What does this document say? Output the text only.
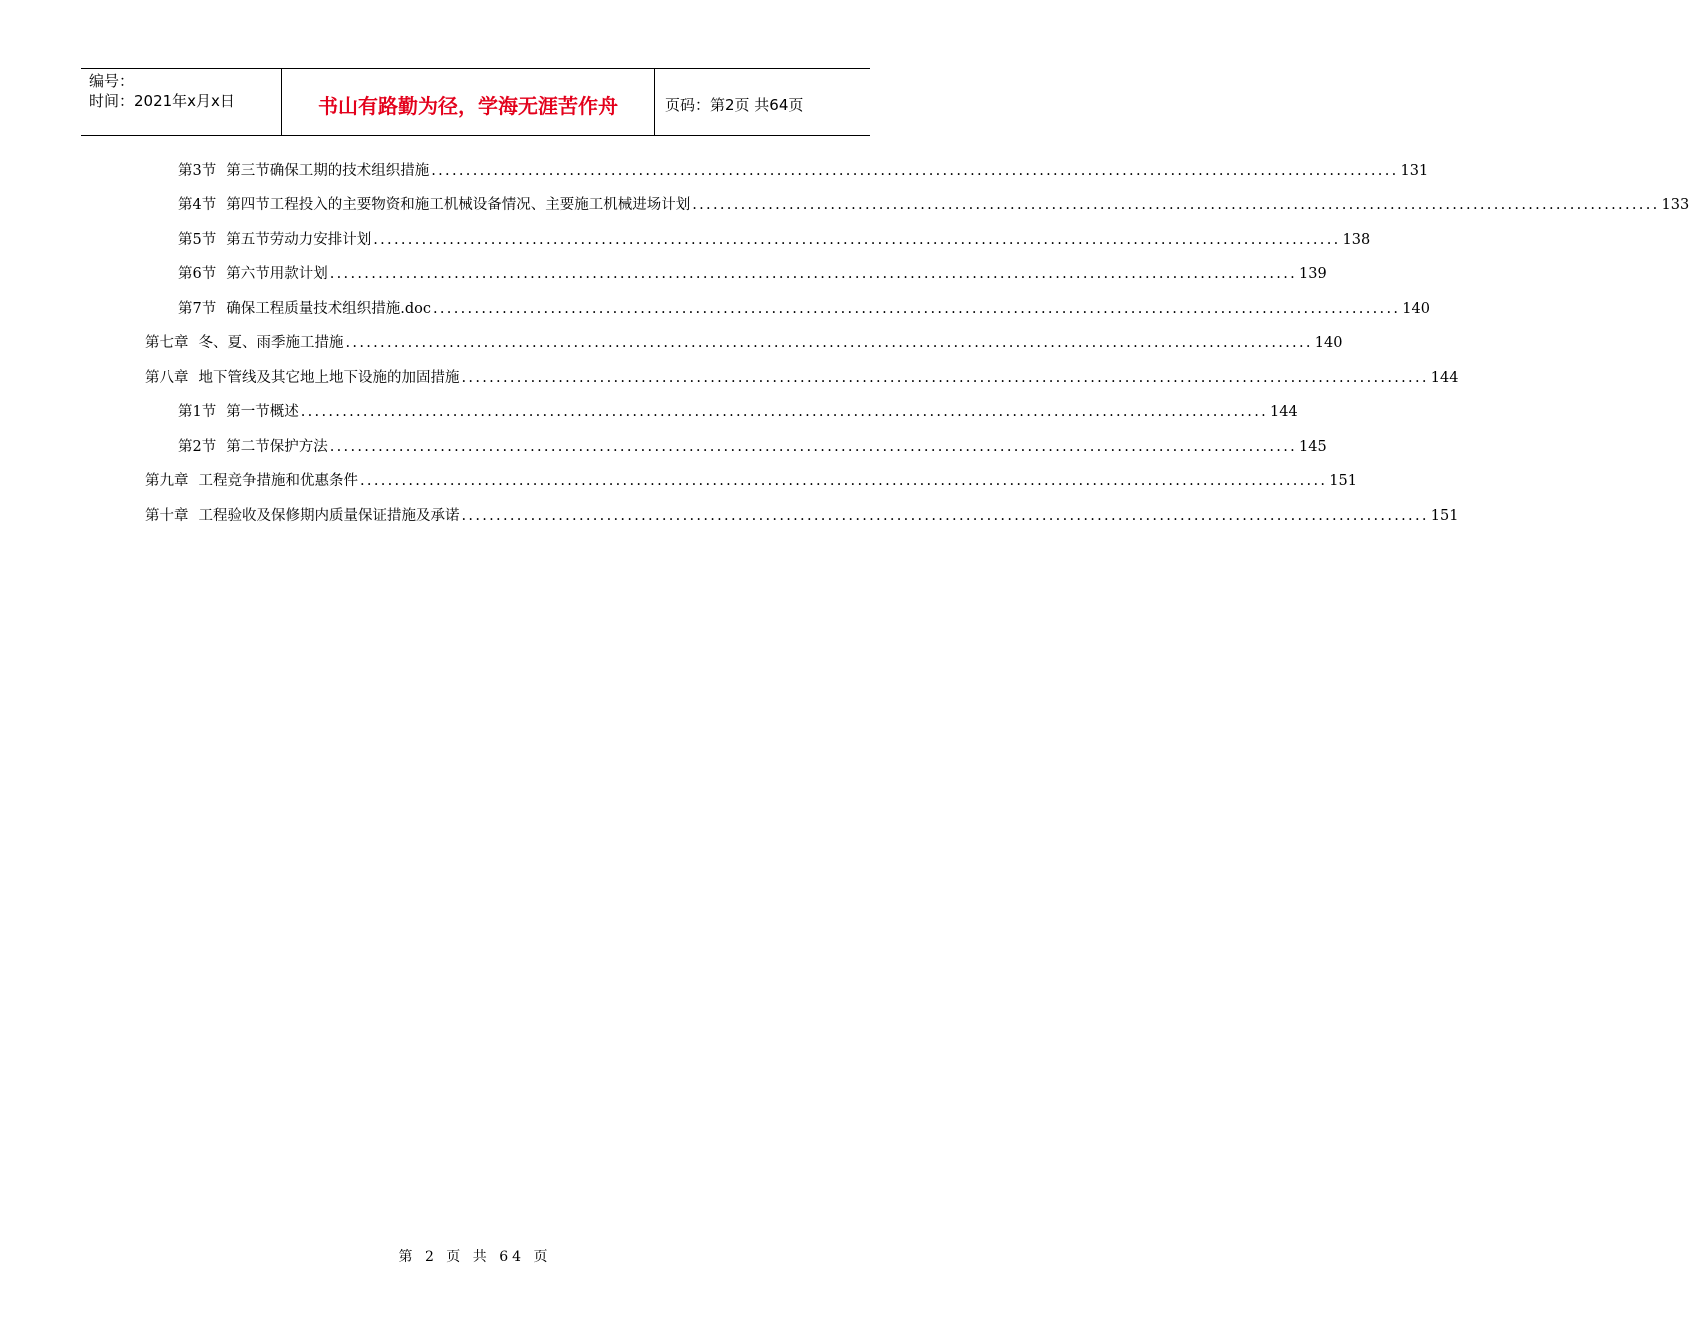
编号：
时间：2021年x月x日	书山有路勤为径，学海无涯苦作舟	页码：第2页 共64页
第3节 第三节确保工期的技术组织措施 ............................................................................................................................................ 131
第4节 第四节工程投入的主要物资和施工机械设备情况、主要施工机械进场计划 ............................................................................................................................................ 133
第5节 第五节劳动力安排计划 ............................................................................................................................................ 138
第6节 第六节用款计划 ............................................................................................................................................ 139
第7节 确保工程质量技术组织措施.doc ............................................................................................................................................ 140
第七章 冬、夏、雨季施工措施 ............................................................................................................................................ 140
第八章 地下管线及其它地上地下设施的加固措施 ............................................................................................................................................ 144
第1节 第一节概述 ............................................................................................................................................ 144
第2节 第二节保护方法 ............................................................................................................................................ 145
第九章 工程竞争措施和优惠条件 ............................................................................................................................................ 151
第十章 工程验收及保修期内质量保证措施及承诺 ............................................................................................................................................ 151
第 2 页 共 64 页
